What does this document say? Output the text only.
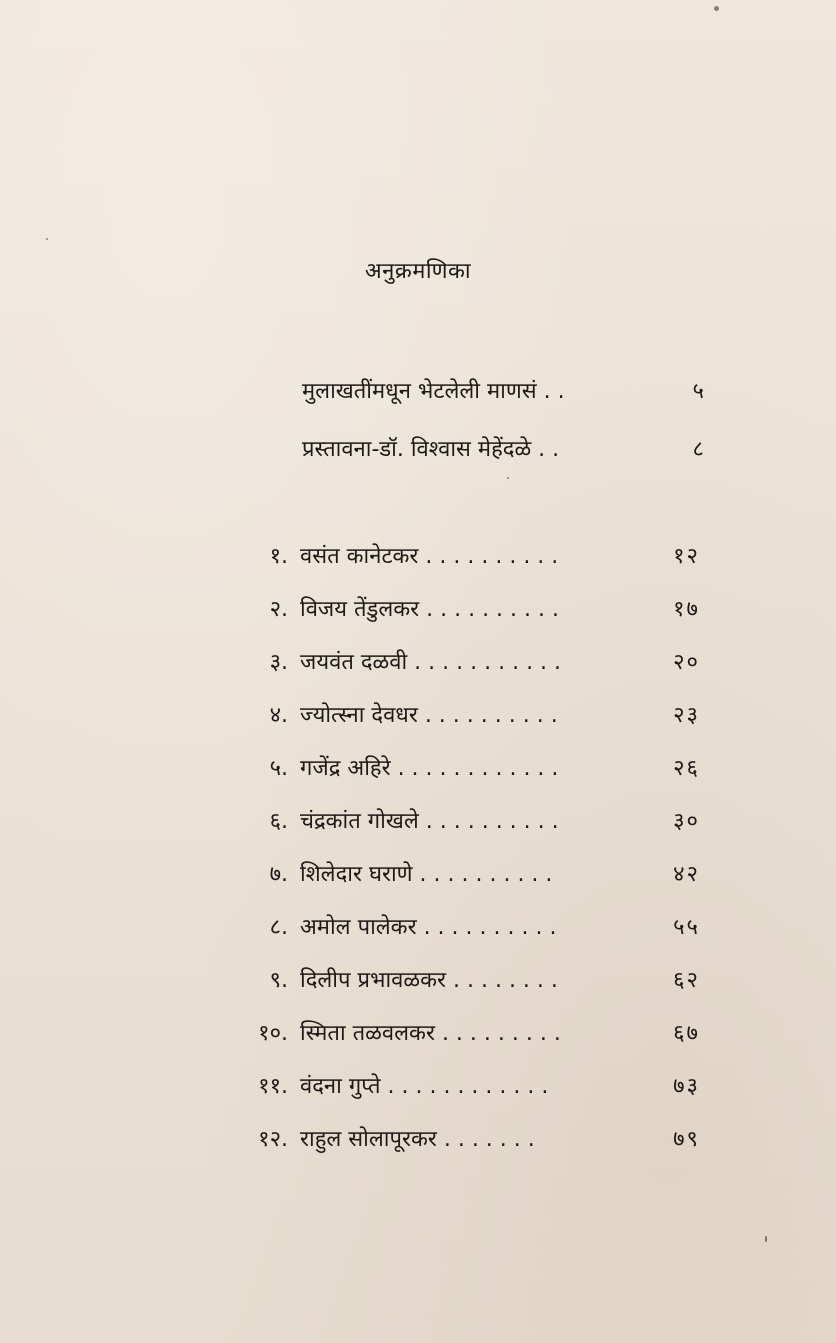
अनुक्रमणिका
मुलाखतींमधून भेटलेली माणसं . .	५
प्रस्तावना-डॉ. विश्वास मेहेंदळे . .	८
१. वसंत कानेटकर . . . . . . . . . .	१२
२. विजय तेंडुलकर . . . . . . . . . .	१७
३. जयवंत दळवी . . . . . . . . . . .	२०
४. ज्योत्स्ना देवधर . . . . . . . . . .	२३
५. गजेंद्र अहिरे . . . . . . . . . . . .	२६
६. चंद्रकांत गोखले . . . . . . . . . .	३०
७. शिलेदार घराणे . . . . . . . . . .	४२
८. अमोल पालेकर . . . . . . . . . .	५५
९. दिलीप प्रभावळकर . . . . . . . .	६२
१०. स्मिता तळवलकर . . . . . . . . .	६७
११. वंदना गुप्ते . . . . . . . . . . . .	७३
१२. राहुल सोलापूरकर . . . . . . .	७९
